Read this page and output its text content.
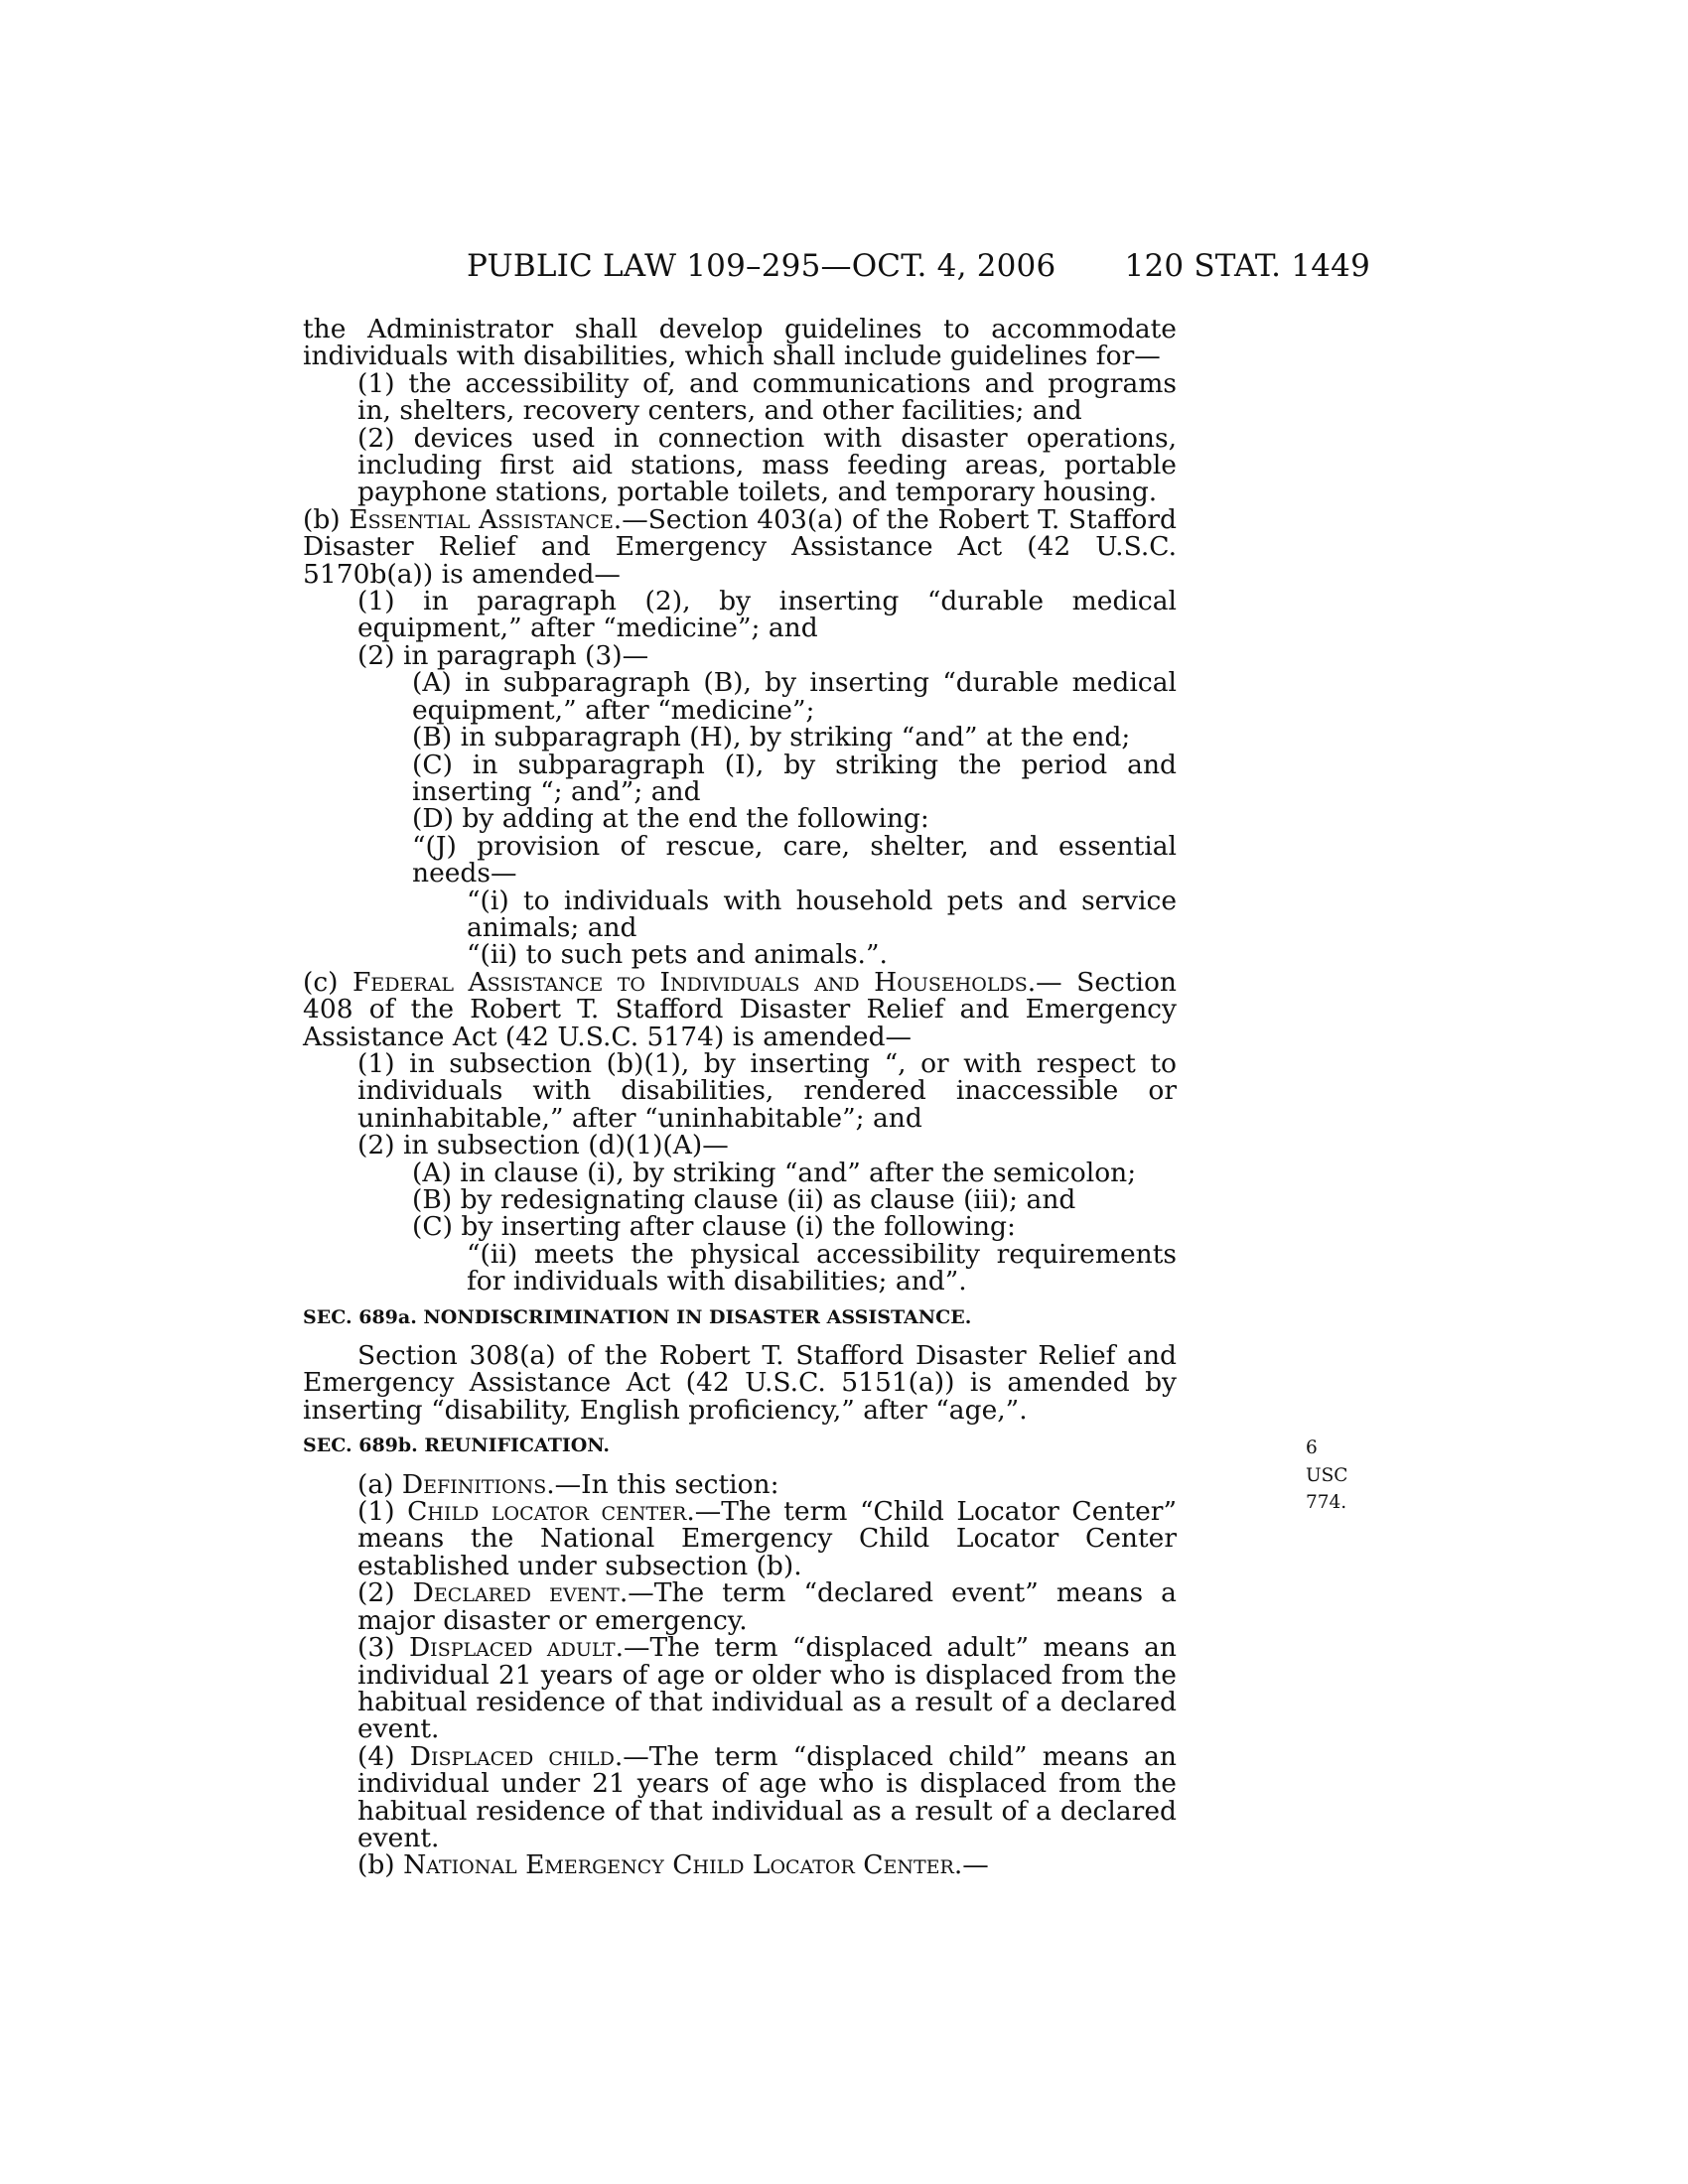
PUBLIC LAW 109–295—OCT. 4, 2006 120 STAT. 1449

the Administrator shall develop guidelines to accommodate individuals with disabilities, which shall include guidelines for—

(1) the accessibility of, and communications and programs in, shelters, recovery centers, and other facilities; and

(2) devices used in connection with disaster operations, including first aid stations, mass feeding areas, portable payphone stations, portable toilets, and temporary housing.

(b) Essential Assistance.—Section 403(a) of the Robert T. Stafford Disaster Relief and Emergency Assistance Act (42 U.S.C. 5170b(a)) is amended—

(1) in paragraph (2), by inserting “durable medical equipment,” after “medicine”; and

(2) in paragraph (3)—

(A) in subparagraph (B), by inserting “durable medical equipment,” after “medicine”;

(B) in subparagraph (H), by striking “and” at the end;

(C) in subparagraph (I), by striking the period and inserting “; and”; and

(D) by adding at the end the following:

“(J) provision of rescue, care, shelter, and essential needs—

“(i) to individuals with household pets and service animals; and

“(ii) to such pets and animals.”.

(c) Federal Assistance to Individuals and Households.— Section 408 of the Robert T. Stafford Disaster Relief and Emergency Assistance Act (42 U.S.C. 5174) is amended—

(1) in subsection (b)(1), by inserting “, or with respect to individuals with disabilities, rendered inaccessible or uninhabitable,” after “uninhabitable”; and

(2) in subsection (d)(1)(A)—

(A) in clause (i), by striking “and” after the semicolon;

(B) by redesignating clause (ii) as clause (iii); and

(C) by inserting after clause (i) the following:

“(ii) meets the physical accessibility requirements for individuals with disabilities; and”.

SEC. 689a. NONDISCRIMINATION IN DISASTER ASSISTANCE.

Section 308(a) of the Robert T. Stafford Disaster Relief and Emergency Assistance Act (42 U.S.C. 5151(a)) is amended by inserting “disability, English proficiency,” after “age,”.

SEC. 689b. REUNIFICATION.	6 USC 774.

(a) Definitions.—In this section:

(1) Child locator center.—The term “Child Locator Center” means the National Emergency Child Locator Center established under subsection (b).

(2) Declared event.—The term “declared event” means a major disaster or emergency.

(3) Displaced adult.—The term “displaced adult” means an individual 21 years of age or older who is displaced from the habitual residence of that individual as a result of a declared event.

(4) Displaced child.—The term “displaced child” means an individual under 21 years of age who is displaced from the habitual residence of that individual as a result of a declared event.

(b) National Emergency Child Locator Center.—
